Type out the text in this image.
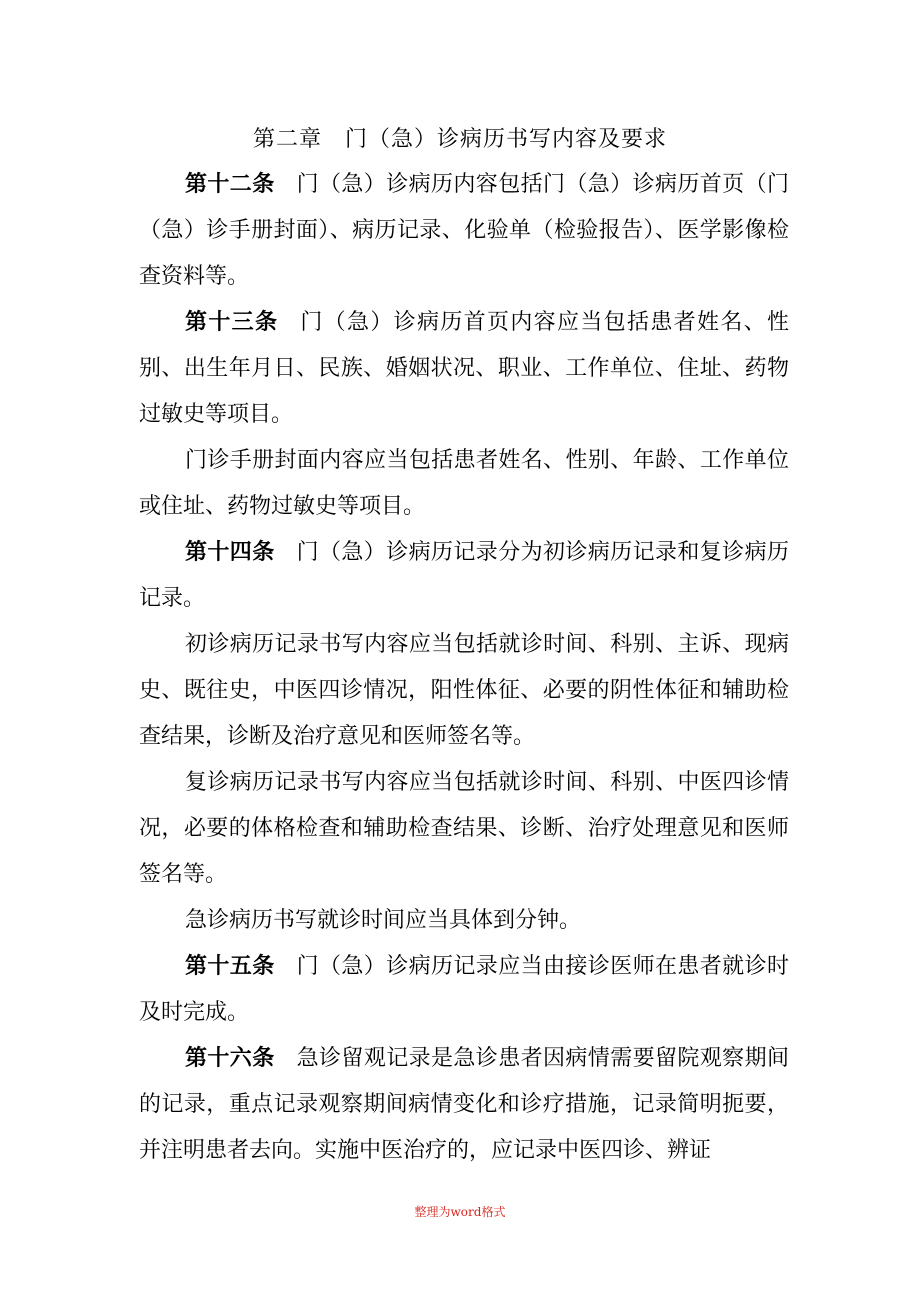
第二章　门（急）诊病历书写内容及要求

第十二条 门（急）诊病历内容包括门（急）诊病历首页（门（急）诊手册封面）、病历记录、化验单（检验报告）、医学影像检查资料等。

第十三条 门（急）诊病历首页内容应当包括患者姓名、性别、出生年月日、民族、婚姻状况、职业、工作单位、住址、药物过敏史等项目。

门诊手册封面内容应当包括患者姓名、性别、年龄、工作单位或住址、药物过敏史等项目。

第十四条 门（急）诊病历记录分为初诊病历记录和复诊病历记录。

初诊病历记录书写内容应当包括就诊时间、科别、主诉、现病史、既往史，中医四诊情况，阳性体征、必要的阴性体征和辅助检查结果，诊断及治疗意见和医师签名等。

复诊病历记录书写内容应当包括就诊时间、科别、中医四诊情况，必要的体格检查和辅助检查结果、诊断、治疗处理意见和医师签名等。

急诊病历书写就诊时间应当具体到分钟。

第十五条 门（急）诊病历记录应当由接诊医师在患者就诊时及时完成。

第十六条 急诊留观记录是急诊患者因病情需要留院观察期间的记录，重点记录观察期间病情变化和诊疗措施，记录简明扼要，并注明患者去向。实施中医治疗的，应记录中医四诊、辨证

整理为word格式
